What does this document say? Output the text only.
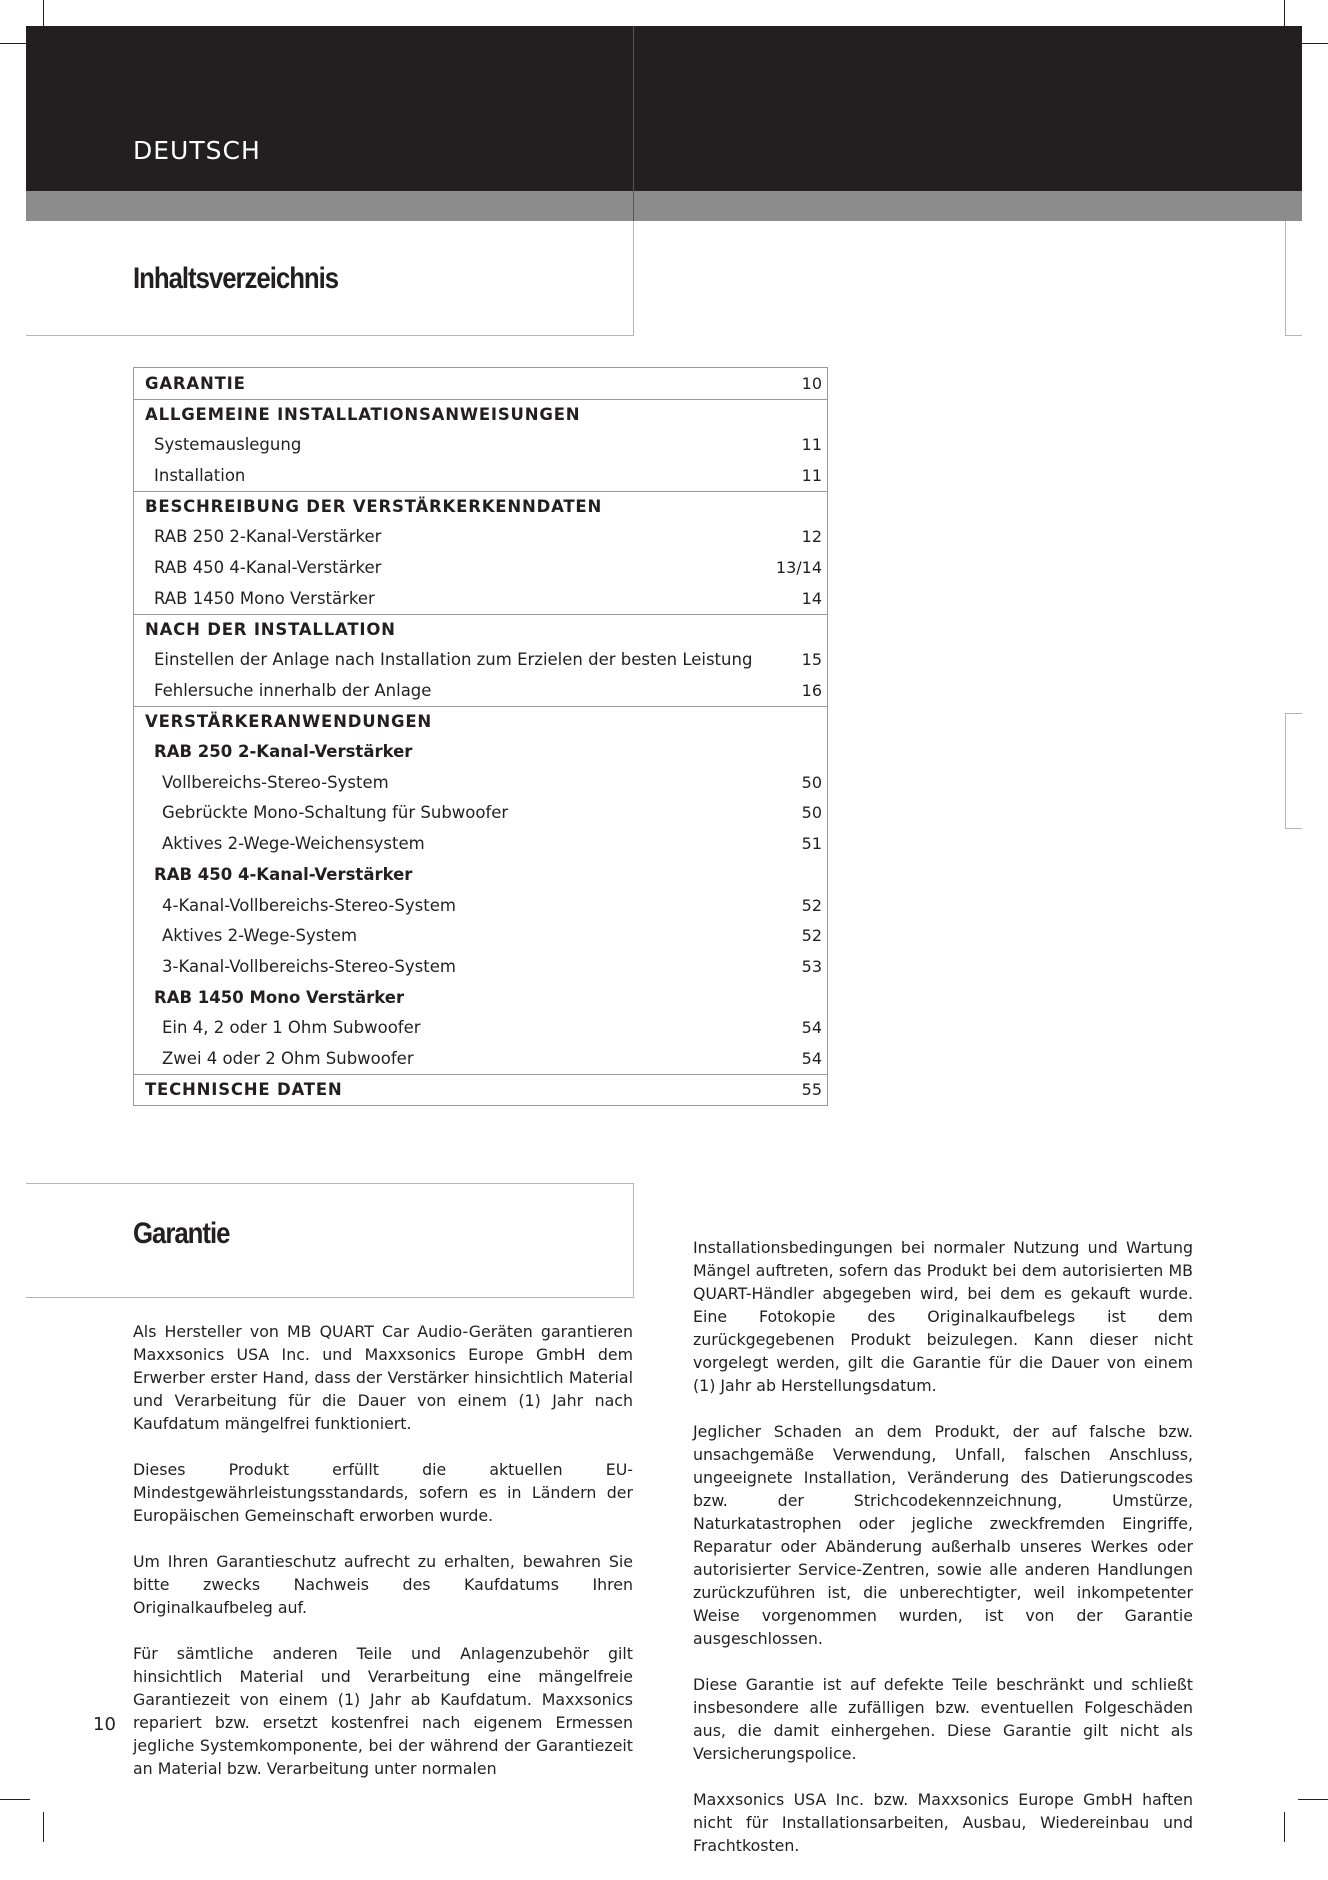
DEUTSCH
Inhaltsverzeichnis
GARANTIE	10
ALLGEMEINE INSTALLATIONSANWEISUNGEN
Systemauslegung	11
Installation	11
BESCHREIBUNG DER VERSTÄRKERKENNDATEN
RAB 250 2-Kanal-Verstärker	12
RAB 450 4-Kanal-Verstärker	13/14
RAB 1450 Mono Verstärker	14
NACH DER INSTALLATION
Einstellen der Anlage nach Installation zum Erzielen der besten Leistung	15
Fehlersuche innerhalb der Anlage	16
VERSTÄRKERANWENDUNGEN
RAB 250 2-Kanal-Verstärker
Vollbereichs-Stereo-System	50
Gebrückte Mono-Schaltung für Subwoofer	50
Aktives 2-Wege-Weichensystem	51
RAB 450 4-Kanal-Verstärker
4-Kanal-Vollbereichs-Stereo-System	52
Aktives 2-Wege-System	52
3-Kanal-Vollbereichs-Stereo-System	53
RAB 1450 Mono Verstärker
Ein 4, 2 oder 1 Ohm Subwoofer	54
Zwei 4 oder 2 Ohm Subwoofer	54
TECHNISCHE DATEN	55
Garantie

Als Hersteller von MB QUART Car Audio-Geräten garantieren Maxxsonics USA Inc. und Maxxsonics Europe GmbH dem Erwerber erster Hand, dass der Verstärker hinsichtlich Material und Verarbeitung für die Dauer von einem (1) Jahr nach Kaufdatum mängelfrei funktioniert.

Dieses Produkt erfüllt die aktuellen EU-Mindestgewährleistungsstandards, sofern es in Ländern der Europäischen Gemeinschaft erworben wurde.

Um Ihren Garantieschutz aufrecht zu erhalten, bewahren Sie bitte zwecks Nachweis des Kaufdatums Ihren Originalkaufbeleg auf.

Für sämtliche anderen Teile und Anlagenzubehör gilt hinsichtlich Material und Verarbeitung eine mängelfreie Garantiezeit von einem (1) Jahr ab Kaufdatum. Maxxsonics repariert bzw. ersetzt kostenfrei nach eigenem Ermessen jegliche Systemkomponente, bei der während der Garantiezeit an Material bzw. Verarbeitung unter normalen

Installationsbedingungen bei normaler Nutzung und Wartung Mängel auftreten, sofern das Produkt bei dem autorisierten MB QUART-Händler abgegeben wird, bei dem es gekauft wurde. Eine Fotokopie des Originalkaufbelegs ist dem zurückgegebenen Produkt beizulegen. Kann dieser nicht vorgelegt werden, gilt die Garantie für die Dauer von einem (1) Jahr ab Herstellungsdatum.

Jeglicher Schaden an dem Produkt, der auf falsche bzw. unsachgemäße Verwendung, Unfall, falschen Anschluss, ungeeignete Installation, Veränderung des Datierungscodes bzw. der Strichcodekennzeichnung, Umstürze, Naturkatastrophen oder jegliche zweckfremden Eingriffe, Reparatur oder Abänderung außerhalb unseres Werkes oder autorisierter Service-Zentren, sowie alle anderen Handlungen zurückzuführen ist, die unberechtigter, weil inkompetenter Weise vorgenommen wurden, ist von der Garantie ausgeschlossen.

Diese Garantie ist auf defekte Teile beschränkt und schließt insbesondere alle zufälligen bzw. eventuellen Folgeschäden aus, die damit einhergehen. Diese Garantie gilt nicht als Versicherungspolice.

Maxxsonics USA Inc. bzw. Maxxsonics Europe GmbH haften nicht für Installationsarbeiten, Ausbau, Wiedereinbau und Frachtkosten.

10
